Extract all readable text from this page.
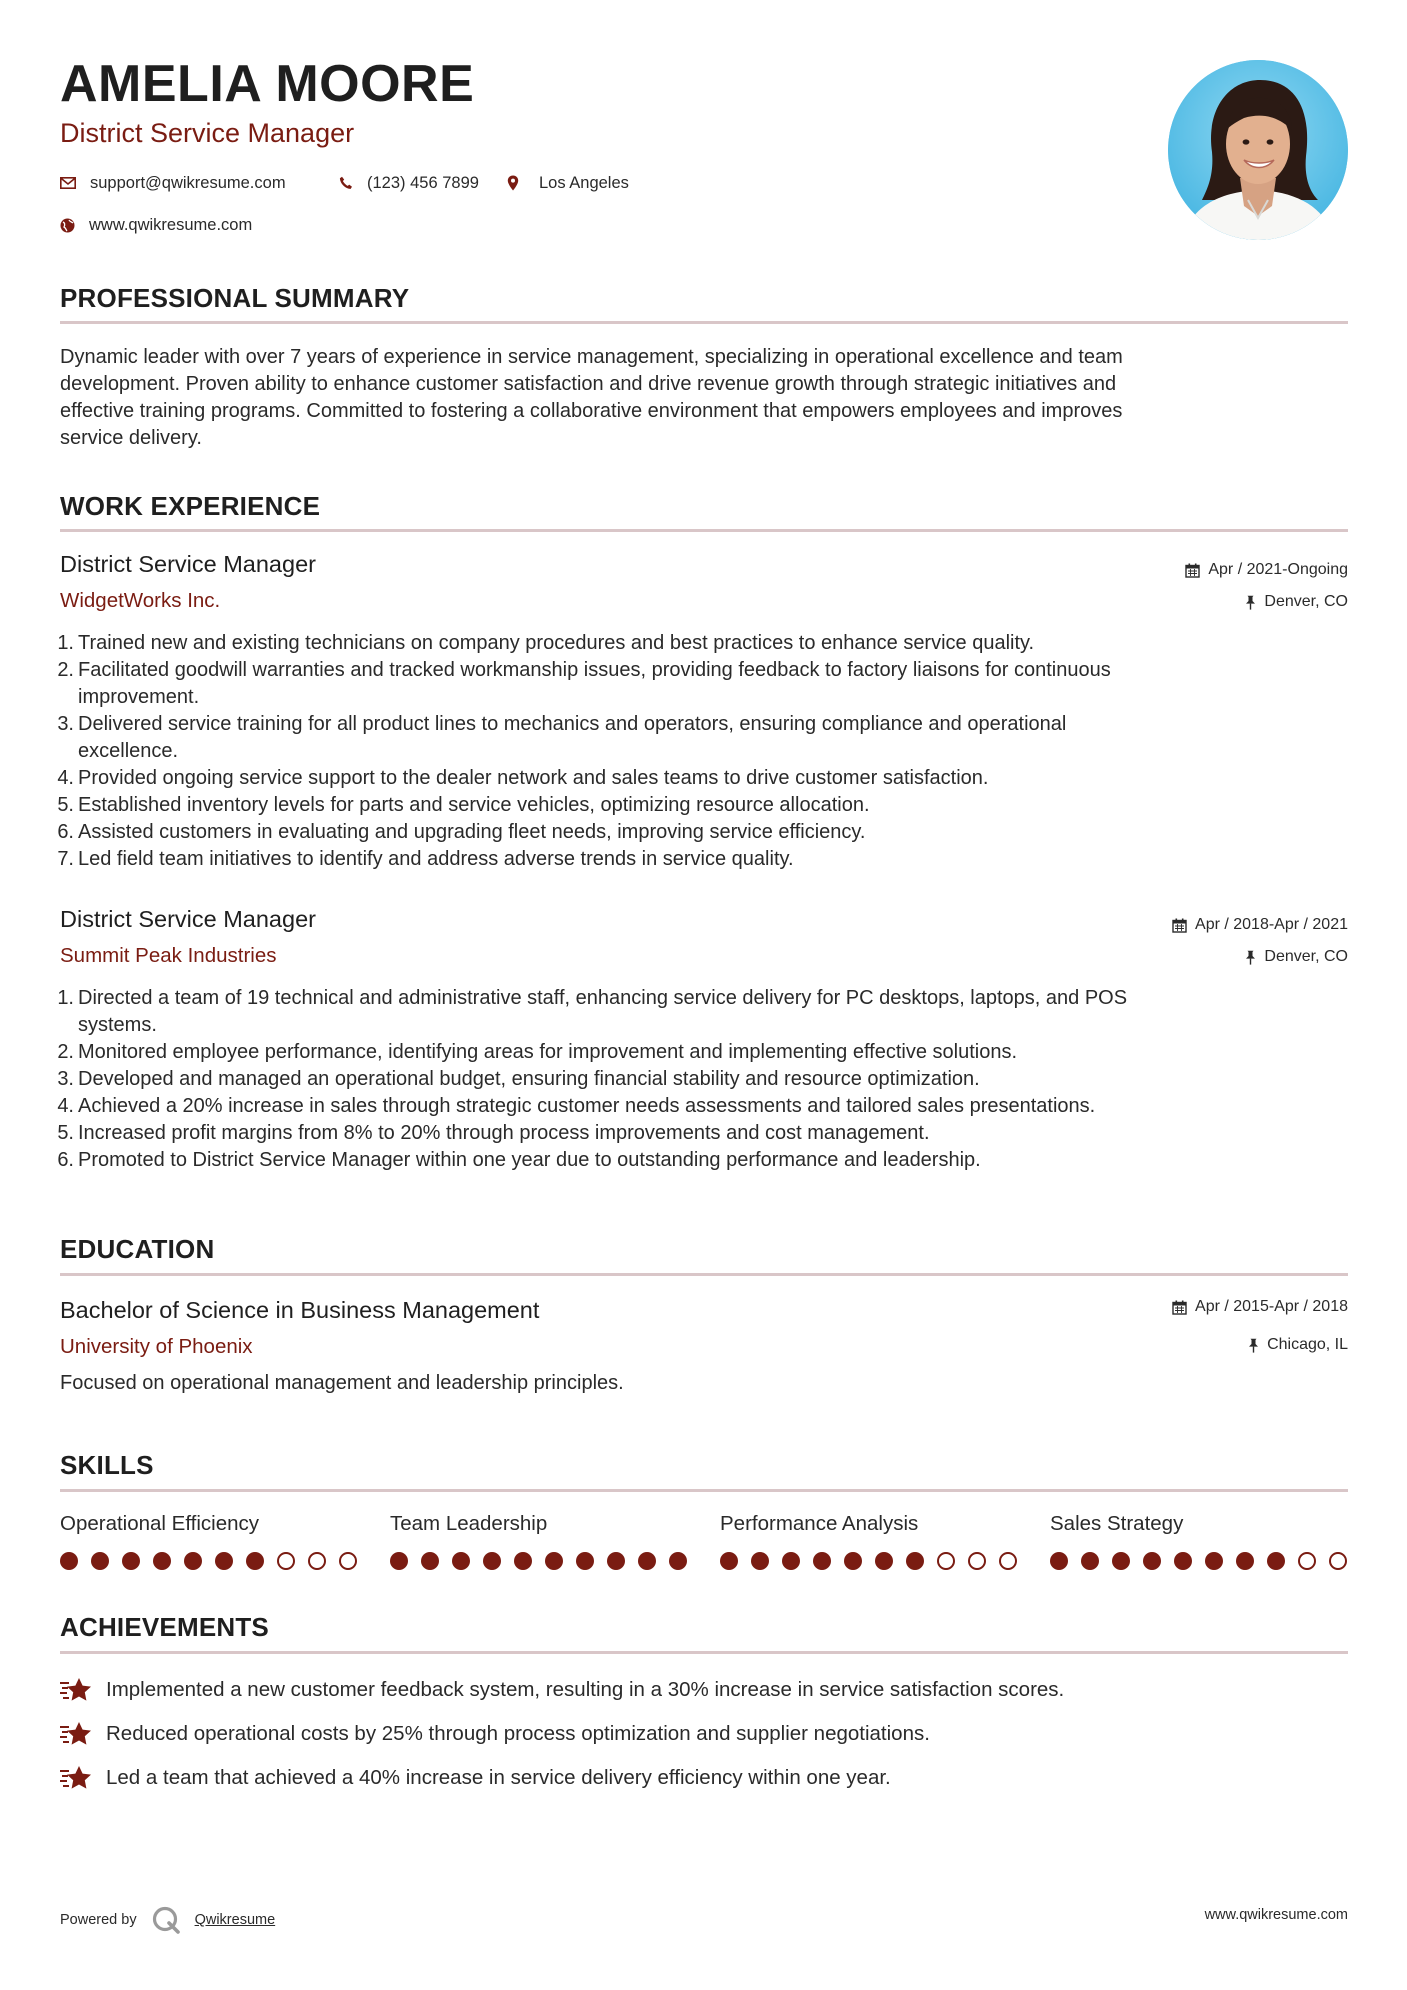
AMELIA MOORE
District Service Manager
support@qwikresume.com	(123) 456 7899	Los Angeles
www.qwikresume.com
PROFESSIONAL SUMMARY
Dynamic leader with over 7 years of experience in service management, specializing in operational excellence and team
development. Proven ability to enhance customer satisfaction and drive revenue growth through strategic initiatives and
effective training programs. Committed to fostering a collaborative environment that empowers employees and improves
service delivery.
WORK EXPERIENCE
District Service Manager
WidgetWorks Inc.
Apr / 2021-Ongoing
Denver, CO
1. Trained new and existing technicians on company procedures and best practices to enhance service quality.
2. Facilitated goodwill warranties and tracked workmanship issues, providing feedback to factory liaisons for continuous
improvement.
3. Delivered service training for all product lines to mechanics and operators, ensuring compliance and operational
excellence.
4. Provided ongoing service support to the dealer network and sales teams to drive customer satisfaction.
5. Established inventory levels for parts and service vehicles, optimizing resource allocation.
6. Assisted customers in evaluating and upgrading fleet needs, improving service efficiency.
7. Led field team initiatives to identify and address adverse trends in service quality.
District Service Manager
Summit Peak Industries
Apr / 2018-Apr / 2021
Denver, CO
1. Directed a team of 19 technical and administrative staff, enhancing service delivery for PC desktops, laptops, and POS
systems.
2. Monitored employee performance, identifying areas for improvement and implementing effective solutions.
3. Developed and managed an operational budget, ensuring financial stability and resource optimization.
4. Achieved a 20% increase in sales through strategic customer needs assessments and tailored sales presentations.
5. Increased profit margins from 8% to 20% through process improvements and cost management.
6. Promoted to District Service Manager within one year due to outstanding performance and leadership.
EDUCATION
Bachelor of Science in Business Management
University of Phoenix
Apr / 2015-Apr / 2018
Chicago, IL
Focused on operational management and leadership principles.
SKILLS
Operational Efficiency	Team Leadership	Performance Analysis	Sales Strategy
ACHIEVEMENTS
Implemented a new customer feedback system, resulting in a 30% increase in service satisfaction scores.
Reduced operational costs by 25% through process optimization and supplier negotiations.
Led a team that achieved a 40% increase in service delivery efficiency within one year.
Powered by	Qwikresume	www.qwikresume.com
